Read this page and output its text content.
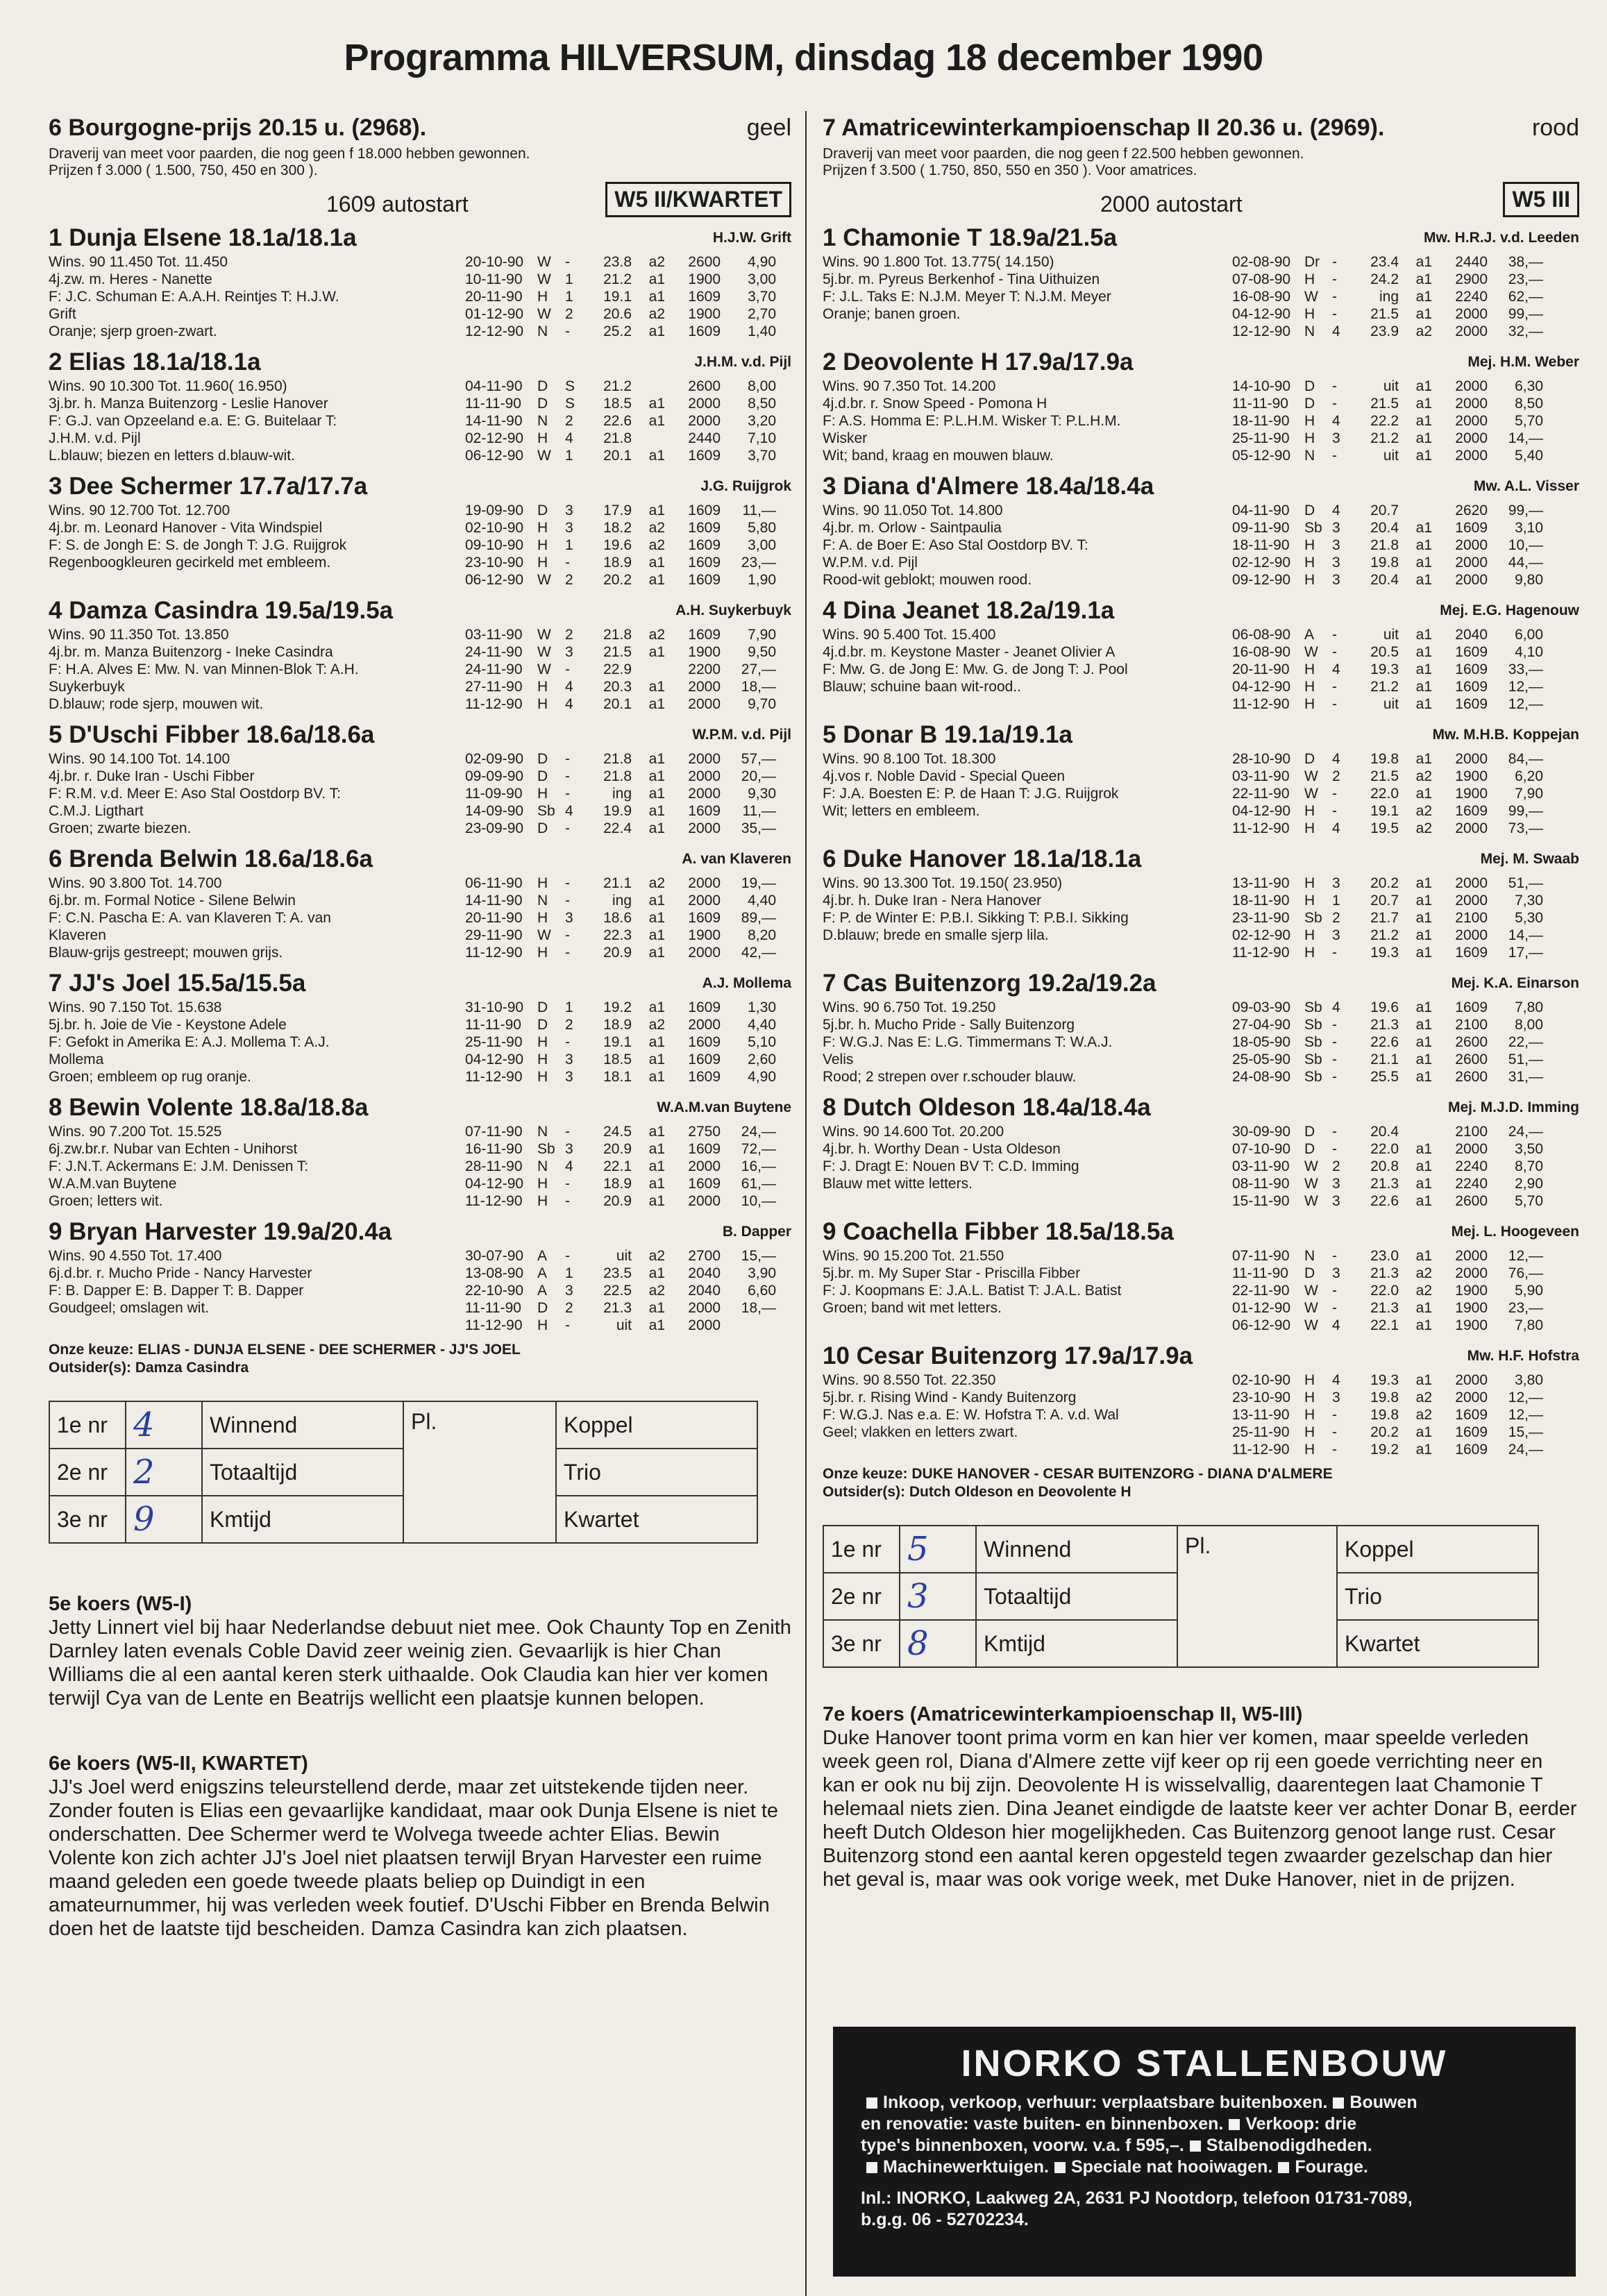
Programma HILVERSUM, dinsdag 18 december 1990
6 Bourgogne-prijs 20.15 u. (2968).	geel
Draverij van meet voor paarden, die nog geen f 18.000 hebben gewonnen.
Prijzen f 3.000 ( 1.500, 750, 450 en 300 ).
1609 autostart	W5 II/KWARTET
1 Dunja Elsene 18.1a/18.1a
Wins. 90 11.450 Tot. 11.450
4j.zw. m. Heres - Nanette
F: J.C. Schuman E: A.A.H. Reintjes T: H.J.W.
Grift
Oranje; sjerp groen-zwart.
H.J.W. Grift
20-10-90 W -	23.8	a2	2600	4,90
10-11-90	W 1	21.2	a1	1900	3,00
20-11-90	H	1	19.1	a1	1609	3,70
01-12-90 W 2	20.6	a2	1900	2,70
12-12-90 N	-	25.2	a1	1609	1,40
2 Elias 18.1a/18.1a
Wins. 90 10.300 Tot. 11.960( 16.950)
3j.br. h. Manza Buitenzorg - Leslie Hanover
F: G.J. van Opzeeland e.a. E: G. Buitelaar T:
J.H.M. v.d. Pijl
L.blauw; biezen en letters d.blauw-wit.
J.H.M. v.d. Pijl
04-11-90	D	S	21.2	2600	8,00
11-11-90	D	S	18.5	a1	2000	8,50
14-11-90	N	2	22.6	a1	2000	3,20
02-12-90 H	4	21.8	2440	7,10
06-12-90 W 1	20.1	a1	1609	3,70
3 Dee Schermer 17.7a/17.7a
Wins. 90 12.700 Tot. 12.700
4j.br. m. Leonard Hanover - Vita Windspiel
F: S. de Jongh E: S. de Jongh T: J.G. Ruijgrok
Regenboogkleuren gecirkeld met embleem.
J.G. Ruijgrok
19-09-90 D	3	17.9	a1	1609	11,—
02-10-90 H	3	18.2	a2	1609	5,80
09-10-90 H	1	19.6	a2	1609	3,00
23-10-90 H	-	18.9	a1	1609	23,—
06-12-90 W 2	20.2	a1	1609	1,90
4 Damza Casindra 19.5a/19.5a
Wins. 90 11.350 Tot. 13.850
4j.br. m. Manza Buitenzorg - Ineke Casindra
F: H.A. Alves E: Mw. N. van Minnen-Blok T: A.H.
Suykerbuyk
D.blauw; rode sjerp, mouwen wit.
A.H. Suykerbuyk
03-11-90	W 2	21.8	a2	1609	7,90
24-11-90	W 3	21.5	a1	1900	9,50
24-11-90	W -	22.9	2200	27,—
27-11-90	H	4	20.3	a1	2000	18,—
11-12-90	H	4	20.1	a1	2000	9,70
5 D'Uschi Fibber 18.6a/18.6a
Wins. 90 14.100 Tot. 14.100
4j.br. r. Duke Iran - Uschi Fibber
F: R.M. v.d. Meer E: Aso Stal Oostdorp BV. T:
C.M.J. Ligthart
Groen; zwarte biezen.
W.P.M. v.d. Pijl
02-09-90 D	-	21.8	a1	2000	57,—
09-09-90 D	-	21.8	a1	2000	20,—
11-09-90	H	-	ing	a1	2000	9,30
14-09-90 Sb 4	19.9	a1	1609	11,—
23-09-90 D	-	22.4	a1	2000	35,—
6 Brenda Belwin 18.6a/18.6a
Wins. 90 3.800 Tot. 14.700
6j.br. m. Formal Notice - Silene Belwin
F: C.N. Pascha E: A. van Klaveren T: A. van
Klaveren
Blauw-grijs gestreept; mouwen grijs.
A. van Klaveren
06-11-90	H	-	21.1	a2	2000	19,—
14-11-90	N	-	ing	a1	2000	4,40
20-11-90	H	3	18.6	a1	1609	89,—
29-11-90	W -	22.3	a1	1900	8,20
11-12-90	H	-	20.9	a1	2000	42,—
7 JJ's Joel 15.5a/15.5a
Wins. 90 7.150 Tot. 15.638
5j.br. h. Joie de Vie - Keystone Adele
F: Gefokt in Amerika E: A.J. Mollema T: A.J.
Mollema
Groen; embleem op rug oranje.
A.J. Mollema
31-10-90 D	1	19.2	a1	1609	1,30
11-11-90	D	2	18.9	a2	2000	4,40
25-11-90	H	-	19.1	a1	1609	5,10
04-12-90 H	3	18.5	a1	1609	2,60
11-12-90	H	3	18.1	a1	1609	4,90
8 Bewin Volente 18.8a/18.8a
Wins. 90 7.200 Tot. 15.525
6j.zw.br.r. Nubar van Echten - Unihorst
F: J.N.T. Ackermans E: J.M. Denissen T:
W.A.M.van Buytene
Groen; letters wit.
W.A.M.van Buytene
07-11-90	N	-	24.5	a1	2750	24,—
16-11-90	Sb 3	20.9	a1	1609	72,—
28-11-90	N	4	22.1	a1	2000	16,—
04-12-90 H	-	18.9	a1	1609	61,—
11-12-90	H	-	20.9	a1	2000	10,—
9 Bryan Harvester 19.9a/20.4a
Wins. 90 4.550 Tot. 17.400
6j.d.br. r. Mucho Pride - Nancy Harvester
F: B. Dapper E: B. Dapper T: B. Dapper
Goudgeel; omslagen wit.
B. Dapper
30-07-90 A	-	uit	a2	2700	15,—
13-08-90 A	1	23.5	a1	2040	3,90
22-10-90 A	3	22.5	a2	2040	6,60
11-11-90	D	2	21.3	a1	2000	18,—
11-12-90	H	-	uit	a1	2000
Onze keuze: ELIAS - DUNJA ELSENE - DEE SCHERMER - JJ'S JOEL
Outsider(s): Damza Casindra
1e nr	4	Winnend	Pl.	Koppel
2e nr	2	Totaaltijd		Trio
3e nr	9	Kmtijd		Kwartet
5e koers (W5-I)
Jetty Linnert viel bij haar Nederlandse debuut niet mee. Ook Chaunty Top en Zenith Darnley laten evenals Coble David zeer weinig zien. Gevaarlijk is hier Chan Williams die al een aantal keren sterk uithaalde. Ook Claudia kan hier ver komen terwijl Cya van de Lente en Beatrijs wellicht een plaatsje kunnen belopen.
6e koers (W5-II, KWARTET)
JJ's Joel werd enigszins teleurstellend derde, maar zet uitstekende tijden neer. Zonder fouten is Elias een gevaarlijke kandidaat, maar ook Dunja Elsene is niet te onderschatten. Dee Schermer werd te Wolvega tweede achter Elias. Bewin Volente kon zich achter JJ's Joel niet plaatsen terwijl Bryan Harvester een ruime maand geleden een goede tweede plaats beliep op Duindigt in een amateurnummer, hij was verleden week foutief. D'Uschi Fibber en Brenda Belwin doen het de laatste tijd bescheiden. Damza Casindra kan zich plaatsen.
7 Amatricewinterkampioenschap II 20.36 u. (2969).	rood
Draverij van meet voor paarden, die nog geen f 22.500 hebben gewonnen.
Prijzen f 3.500 ( 1.750, 850, 550 en 350 ). Voor amatrices.
2000 autostart	W5 III
1 Chamonie T 18.9a/21.5a
Wins. 90 1.800 Tot. 13.775( 14.150)
5j.br. m. Pyreus Berkenhof - Tina Uithuizen
F: J.L. Taks E: N.J.M. Meyer T: N.J.M. Meyer
Oranje; banen groen.
Mw. H.R.J. v.d. Leeden
02-08-90 Dr -	23.4	a1	2440	38,—
07-08-90 H	-	24.2	a1	2900	23,—
16-08-90 W -	ing	a1	2240	62,—
04-12-90 H	-	21.5	a1	2000	99,—
12-12-90 N	4	23.9	a2	2000	32,—
2 Deovolente H 17.9a/17.9a
Wins. 90 7.350 Tot. 14.200
4j.d.br. r. Snow Speed - Pomona H
F: A.S. Homma E: P.L.H.M. Wisker T: P.L.H.M.
Wisker
Wit; band, kraag en mouwen blauw.
Mej. H.M. Weber
14-10-90 D	-	uit	a1	2000	6,30
11-11-90	D	-	21.5	a1	2000	8,50
18-11-90	H	4	22.2	a1	2000	5,70
25-11-90	H	3	21.2	a1	2000	14,—
05-12-90 N	-	uit	a1	2000	5,40
3 Diana d'Almere 18.4a/18.4a
Wins. 90 11.050 Tot. 14.800
4j.br. m. Orlow - Saintpaulia
F: A. de Boer E: Aso Stal Oostdorp BV. T:
W.P.M. v.d. Pijl
Rood-wit geblokt; mouwen rood.
Mw. A.L. Visser
04-11-90	D	4	20.7	2620	99,—
09-11-90	Sb 3	20.4	a1	1609	3,10
18-11-90	H	3	21.8	a1	2000	10,—
02-12-90 H	3	19.8	a1	2000	44,—
09-12-90 H	3	20.4	a1	2000	9,80
4 Dina Jeanet 18.2a/19.1a
Wins. 90 5.400 Tot. 15.400
4j.d.br. m. Keystone Master - Jeanet Olivier A
F: Mw. G. de Jong E: Mw. G. de Jong T: J. Pool
Blauw; schuine baan wit-rood..
Mej. E.G. Hagenouw
06-08-90 A	-	uit	a1	2040	6,00
16-08-90 W -	20.5	a1	1609	4,10
20-11-90	H	4	19.3	a1	1609	33,—
04-12-90 H	-	21.2	a1	1609	12,—
11-12-90	H	-	uit	a1	1609	12,—
5 Donar B 19.1a/19.1a
Wins. 90 8.100 Tot. 18.300
4j.vos r. Noble David - Special Queen
F: J.A. Boesten E: P. de Haan T: J.G. Ruijgrok
Wit; letters en embleem.
Mw. M.H.B. Koppejan
28-10-90 D	4	19.8	a1	2000	84,—
03-11-90	W 2	21.5	a2	1900	6,20
22-11-90	W -	22.0	a1	1900	7,90
04-12-90 H	-	19.1	a2	1609	99,—
11-12-90	H	4	19.5	a2	2000	73,—
6 Duke Hanover 18.1a/18.1a
Wins. 90 13.300 Tot. 19.150( 23.950)
4j.br. h. Duke Iran - Nera Hanover
F: P. de Winter E: P.B.I. Sikking T: P.B.I. Sikking
D.blauw; brede en smalle sjerp lila.
Mej. M. Swaab
13-11-90	H	3	20.2	a1	2000	51,—
18-11-90	H	1	20.7	a1	2000	7,30
23-11-90	Sb 2	21.7	a1	2100	5,30
02-12-90 H	3	21.2	a1	2000	14,—
11-12-90	H	-	19.3	a1	1609	17,—
7 Cas Buitenzorg 19.2a/19.2a
Wins. 90 6.750 Tot. 19.250
5j.br. h. Mucho Pride - Sally Buitenzorg
F: W.G.J. Nas E: L.G. Timmermans T: W.A.J.
Velis
Rood; 2 strepen over r.schouder blauw.
Mej. K.A. Einarson
09-03-90 Sb 4	19.6	a1	1609	7,80
27-04-90 Sb -	21.3	a1	2100	8,00
18-05-90 Sb -	22.6	a1	2600	22,—
25-05-90 Sb -	21.1	a1	2600	51,—
24-08-90 Sb -	25.5	a1	2600	31,—
8 Dutch Oldeson 18.4a/18.4a
Wins. 90 14.600 Tot. 20.200
4j.br. h. Worthy Dean - Usta Oldeson
F: J. Dragt E: Nouen BV T: C.D. Imming
Blauw met witte letters.
Mej. M.J.D. Imming
30-09-90 D	-	20.4	2100	24,—
07-10-90 D	-	22.0	a1	2000	3,50
03-11-90	W 2	20.8	a1	2240	8,70
08-11-90	W 3	21.3	a1	2240	2,90
15-11-90	W 3	22.6	a1	2600	5,70
9 Coachella Fibber 18.5a/18.5a
Wins. 90 15.200 Tot. 21.550
5j.br. m. My Super Star - Priscilla Fibber
F: J. Koopmans E: J.A.L. Batist T: J.A.L. Batist
Groen; band wit met letters.
Mej. L. Hoogeveen
07-11-90	N	-	23.0	a1	2000	12,—
11-11-90	D	3	21.3	a2	2000	76,—
22-11-90	W -	22.0	a2	1900	5,90
01-12-90 W -	21.3	a1	1900	23,—
06-12-90 W 4	22.1	a1	1900	7,80
10 Cesar Buitenzorg 17.9a/17.9a
Wins. 90 8.550 Tot. 22.350
5j.br. r. Rising Wind - Kandy Buitenzorg
F: W.G.J. Nas e.a. E: W. Hofstra T: A. v.d. Wal
Geel; vlakken en letters zwart.
Mw. H.F. Hofstra
02-10-90 H	4	19.3	a1	2000	3,80
23-10-90 H	3	19.8	a2	2000	12,—
13-11-90	H	-	19.8	a2	1609	12,—
25-11-90	H	-	20.2	a1	1609	15,—
11-12-90	H	-	19.2	a1	1609	24,—
Onze keuze: DUKE HANOVER - CESAR BUITENZORG - DIANA D'ALMERE
Outsider(s): Dutch Oldeson en Deovolente H
1e nr	5	Winnend	Pl.	Koppel
2e nr	3	Totaaltijd		Trio
3e nr	8	Kmtijd		Kwartet
7e koers (Amatricewinterkampioenschap II, W5-III)
Duke Hanover toont prima vorm en kan hier ver komen, maar speelde verleden week geen rol, Diana d'Almere zette vijf keer op rij een goede verrichting neer en kan er ook nu bij zijn. Deovolente H is wisselvallig, daarentegen laat Chamonie T helemaal niets zien. Dina Jeanet eindigde de laatste keer ver achter Donar B, eerder heeft Dutch Oldeson hier mogelijkheden. Cas Buitenzorg genoot lange rust. Cesar Buitenzorg stond een aantal keren opgesteld tegen zwaarder gezelschap dan hier het geval is, maar was ook vorige week, met Duke Hanover, niet in de prijzen.
INORKO STALLENBOUW
Inkoop, verkoop, verhuur: verplaatsbare buitenboxen. Bouwen
en renovatie: vaste buiten- en binnenboxen. Verkoop: drie
type's binnenboxen, voorw. v.a. f 595,–. Stalbenodigdheden.
Machinewerktuigen. Speciale nat hooiwagen. Fourage.
Inl.: INORKO, Laakweg 2A, 2631 PJ Nootdorp, telefoon 01731-7089,
b.g.g. 06 - 52702234.
